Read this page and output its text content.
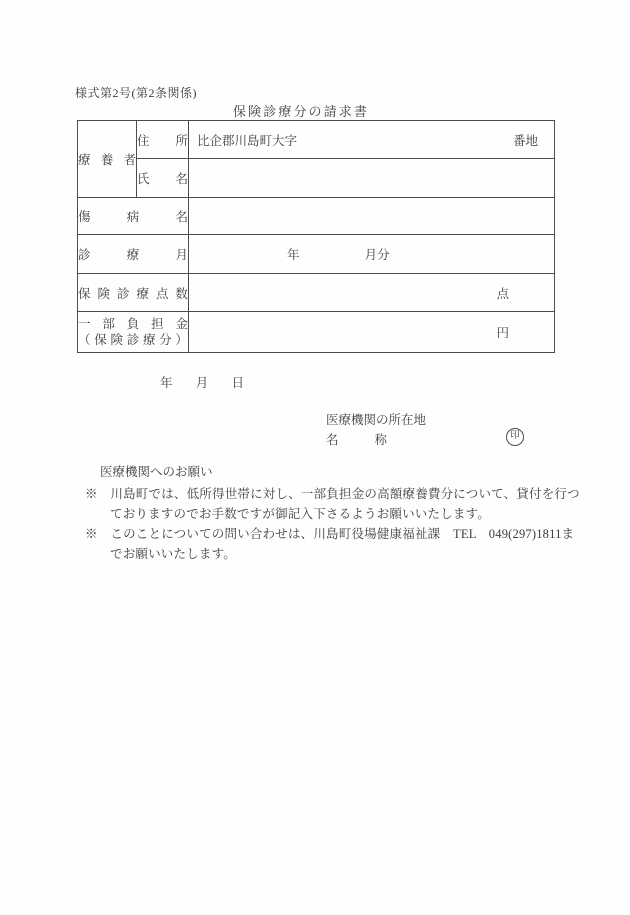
様式第2号(第2条関係)
保 険 診 療 分 の 請 求 書
療 養 者	住 所	比企郡川島町大字 番地

	氏 名	

傷 病 名		

診 療 月		年 月分

保 険 診 療 点 数	点

一 部 負 担 金
（ 保 険 診 療 分 ）	円
年 月 日
医療機関の所在地
名	称	印
医療機関へのお願い
※　川島町では、低所得世帯に対し、一部負担金の高額療養費分について、貸付を行つ
ておりますのでお手数ですが御記入下さるようお願いいたします。
※　このことについての問い合わせは、川島町役場健康福祉課　TEL　049(297)1811ま
でお願いいたします。
